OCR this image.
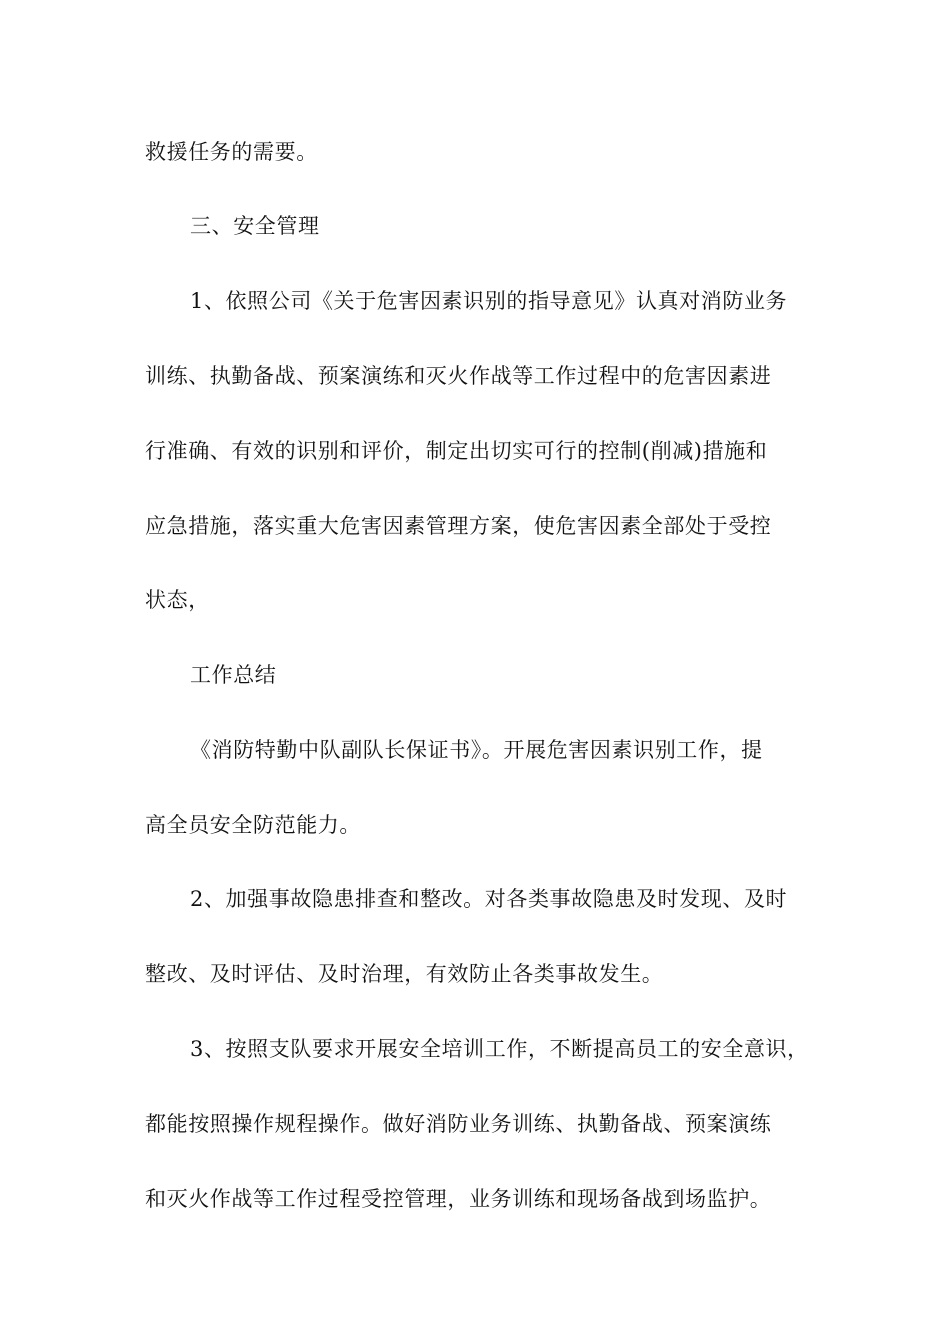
救援任务的需要。
三、安全管理
1、依照公司《关于危害因素识别的指导意见》认真对消防业务
训练、执勤备战、预案演练和灭火作战等工作过程中的危害因素进
行准确、有效的识别和评价，制定出切实可行的控制(削减)措施和
应急措施，落实重大危害因素管理方案，使危害因素全部处于受控
状态，
工作总结
《消防特勤中队副队长保证书》。开展危害因素识别工作，提
高全员安全防范能力。
2、加强事故隐患排查和整改。对各类事故隐患及时发现、及时
整改、及时评估、及时治理，有效防止各类事故发生。
3、按照支队要求开展安全培训工作，不断提高员工的安全意识，
都能按照操作规程操作。做好消防业务训练、执勤备战、预案演练
和灭火作战等工作过程受控管理，业务训练和现场备战到场监护。
